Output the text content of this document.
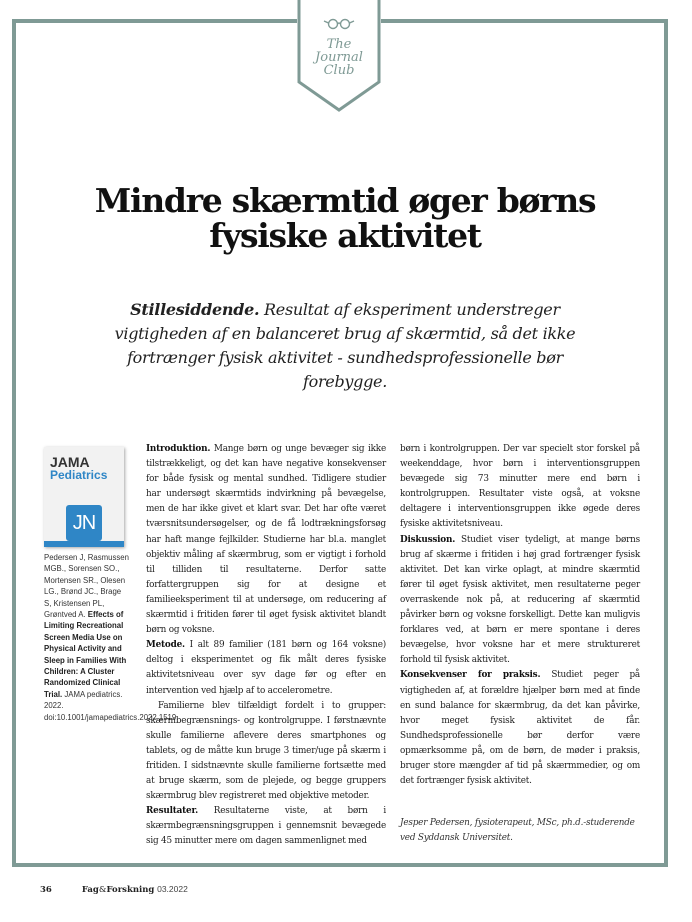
The
Journal
Club
Mindre skærmtid øger børns fysiske aktivitet

Stillesiddende. Resultat af eksperiment understreger vigtigheden af en balanceret brug af skærmtid, så det ikke fortrænger fysisk aktivitet - sundhedsprofessionelle bør forebygge.

JAMA
Pediatrics
JN

Pedersen J, Rasmussen MGB., Sorensen SO., Mortensen SR., Olesen LG., Brønd JC., Brage S, Kristensen PL, Grøntved A. Effects of Limiting Recreational Screen Media Use on Physical Activity and Sleep in Families With Children: A Cluster Randomized Clinical Trial. JAMA pediatrics. 2022. doi:10.1001/jamapediatrics.2022.1519.

Introduktion. Mange børn og unge bevæger sig ikke tilstrækkeligt, og det kan have negative konsekvenser for både fysisk og mental sundhed. Tidligere studier har undersøgt skærmtids indvirkning på bevægelse, men de har ikke givet et klart svar. Det har ofte været tværsnitsundersøgelser, og de få lodtrækningsforsøg har haft mange fejlkilder. Studierne har bl.a. manglet objektiv måling af skærmbrug, som er vigtigt i forhold til tilliden til resultaterne. Derfor satte forfattergruppen sig for at designe et familieeksperiment til at undersøge, om reducering af skærmtid i fritiden fører til øget fysisk aktivitet blandt børn og voksne.

Metode. I alt 89 familier (181 børn og 164 voksne) deltog i eksperimentet og fik målt deres fysiske aktivitetsniveau over syv dage før og efter en intervention ved hjælp af to accelerometre.

Familierne blev tilfældigt fordelt i to grupper: skærmbegrænsnings- og kontrolgruppe. I førstnævnte skulle familierne aflevere deres smartphones og tablets, og de måtte kun bruge 3 timer/uge på skærm i fritiden. I sidstnævnte skulle familierne fortsætte med at bruge skærm, som de plejede, og begge gruppers skærmbrug blev registreret med objektive metoder.

Resultater. Resultaterne viste, at børn i skærmbegrænsningsgruppen i gennemsnit bevægede sig 45 minutter mere om dagen sammenlignet med

børn i kontrolgruppen. Der var specielt stor forskel på weekenddage, hvor børn i interventionsgruppen bevægede sig 73 minutter mere end børn i kontrolgruppen. Resultater viste også, at voksne deltagere i interventionsgruppen ikke øgede deres fysiske aktivitetsniveau.

Diskussion. Studiet viser tydeligt, at mange børns brug af skærme i fritiden i høj grad fortrænger fysisk aktivitet. Det kan virke oplagt, at mindre skærmtid fører til øget fysisk aktivitet, men resultaterne peger overraskende nok på, at reducering af skærmtid påvirker børn og voksne forskelligt. Dette kan muligvis forklares ved, at børn er mere spontane i deres bevægelse, hvor voksne har et mere struktureret forhold til fysisk aktivitet.

Konsekvenser for praksis. Studiet peger på vigtigheden af, at forældre hjælper børn med at finde en sund balance for skærmbrug, da det kan påvirke, hvor meget fysisk aktivitet de får. Sundhedsprofessionelle bør derfor være opmærksomme på, om de børn, de møder i praksis, bruger store mængder af tid på skærmmedier, og om det fortrænger fysisk aktivitet.

Jesper Pedersen, fysioterapeut, MSc, ph.d.-studerende ved Syddansk Universitet.

36	Fag&Forskning 03.2022
